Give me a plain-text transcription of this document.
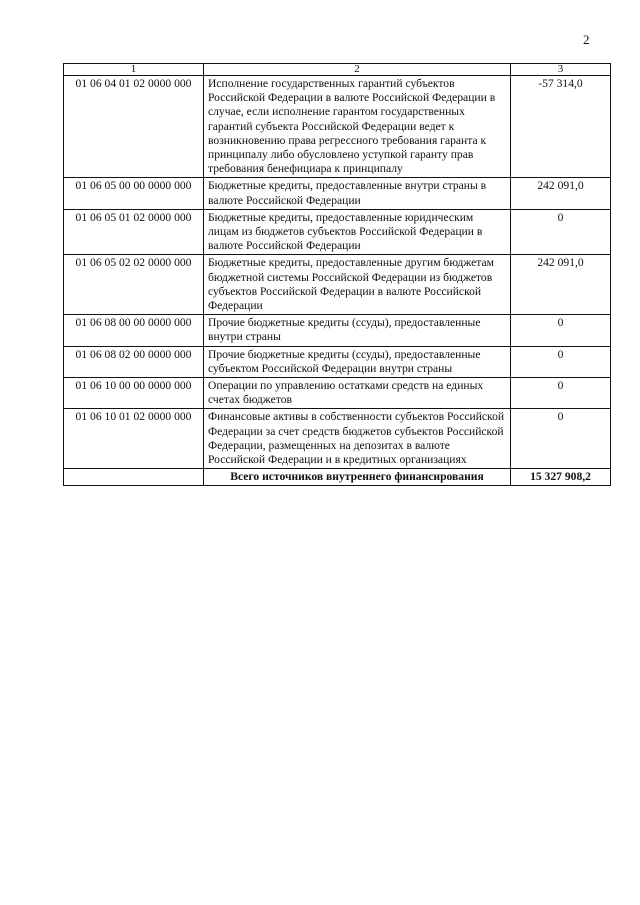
2
1	2	3
01 06 04 01 02 0000 000	Исполнение государственных гарантий субъектов Российской Федерации в валюте Российской Федерации в случае, если исполнение гарантом государственных гарантий субъекта Российской Федерации ведет к возникновению права регрессного требования гаранта к принципалу либо обусловлено уступкой гаранту прав требования бенефициара к принципалу	-57 314,0
01 06 05 00 00 0000 000	Бюджетные кредиты, предоставленные внутри страны в валюте Российской Федерации	242 091,0
01 06 05 01 02 0000 000	Бюджетные кредиты, предоставленные юридическим лицам из бюджетов субъектов Российской Федерации в валюте Российской Федерации	0
01 06 05 02 02 0000 000	Бюджетные кредиты, предоставленные другим бюджетам бюджетной системы Российской Федерации из бюджетов субъектов Российской Федерации в валюте Российской Федерации	242 091,0
01 06 08 00 00 0000 000	Прочие бюджетные кредиты (ссуды), предоставленные внутри страны	0
01 06 08 02 00 0000 000	Прочие бюджетные кредиты (ссуды), предоставленные субъектом Российской Федерации внутри страны	0
01 06 10 00 00 0000 000	Операции по управлению остатками средств на единых счетах бюджетов	0
01 06 10 01 02 0000 000	Финансовые активы в собственности субъектов Российской Федерации за счет средств бюджетов субъектов Российской Федерации, размещенных на депозитах в валюте Российской Федерации и в кредитных организациях	0
	Всего источников внутреннего финансирования	15 327 908,2
